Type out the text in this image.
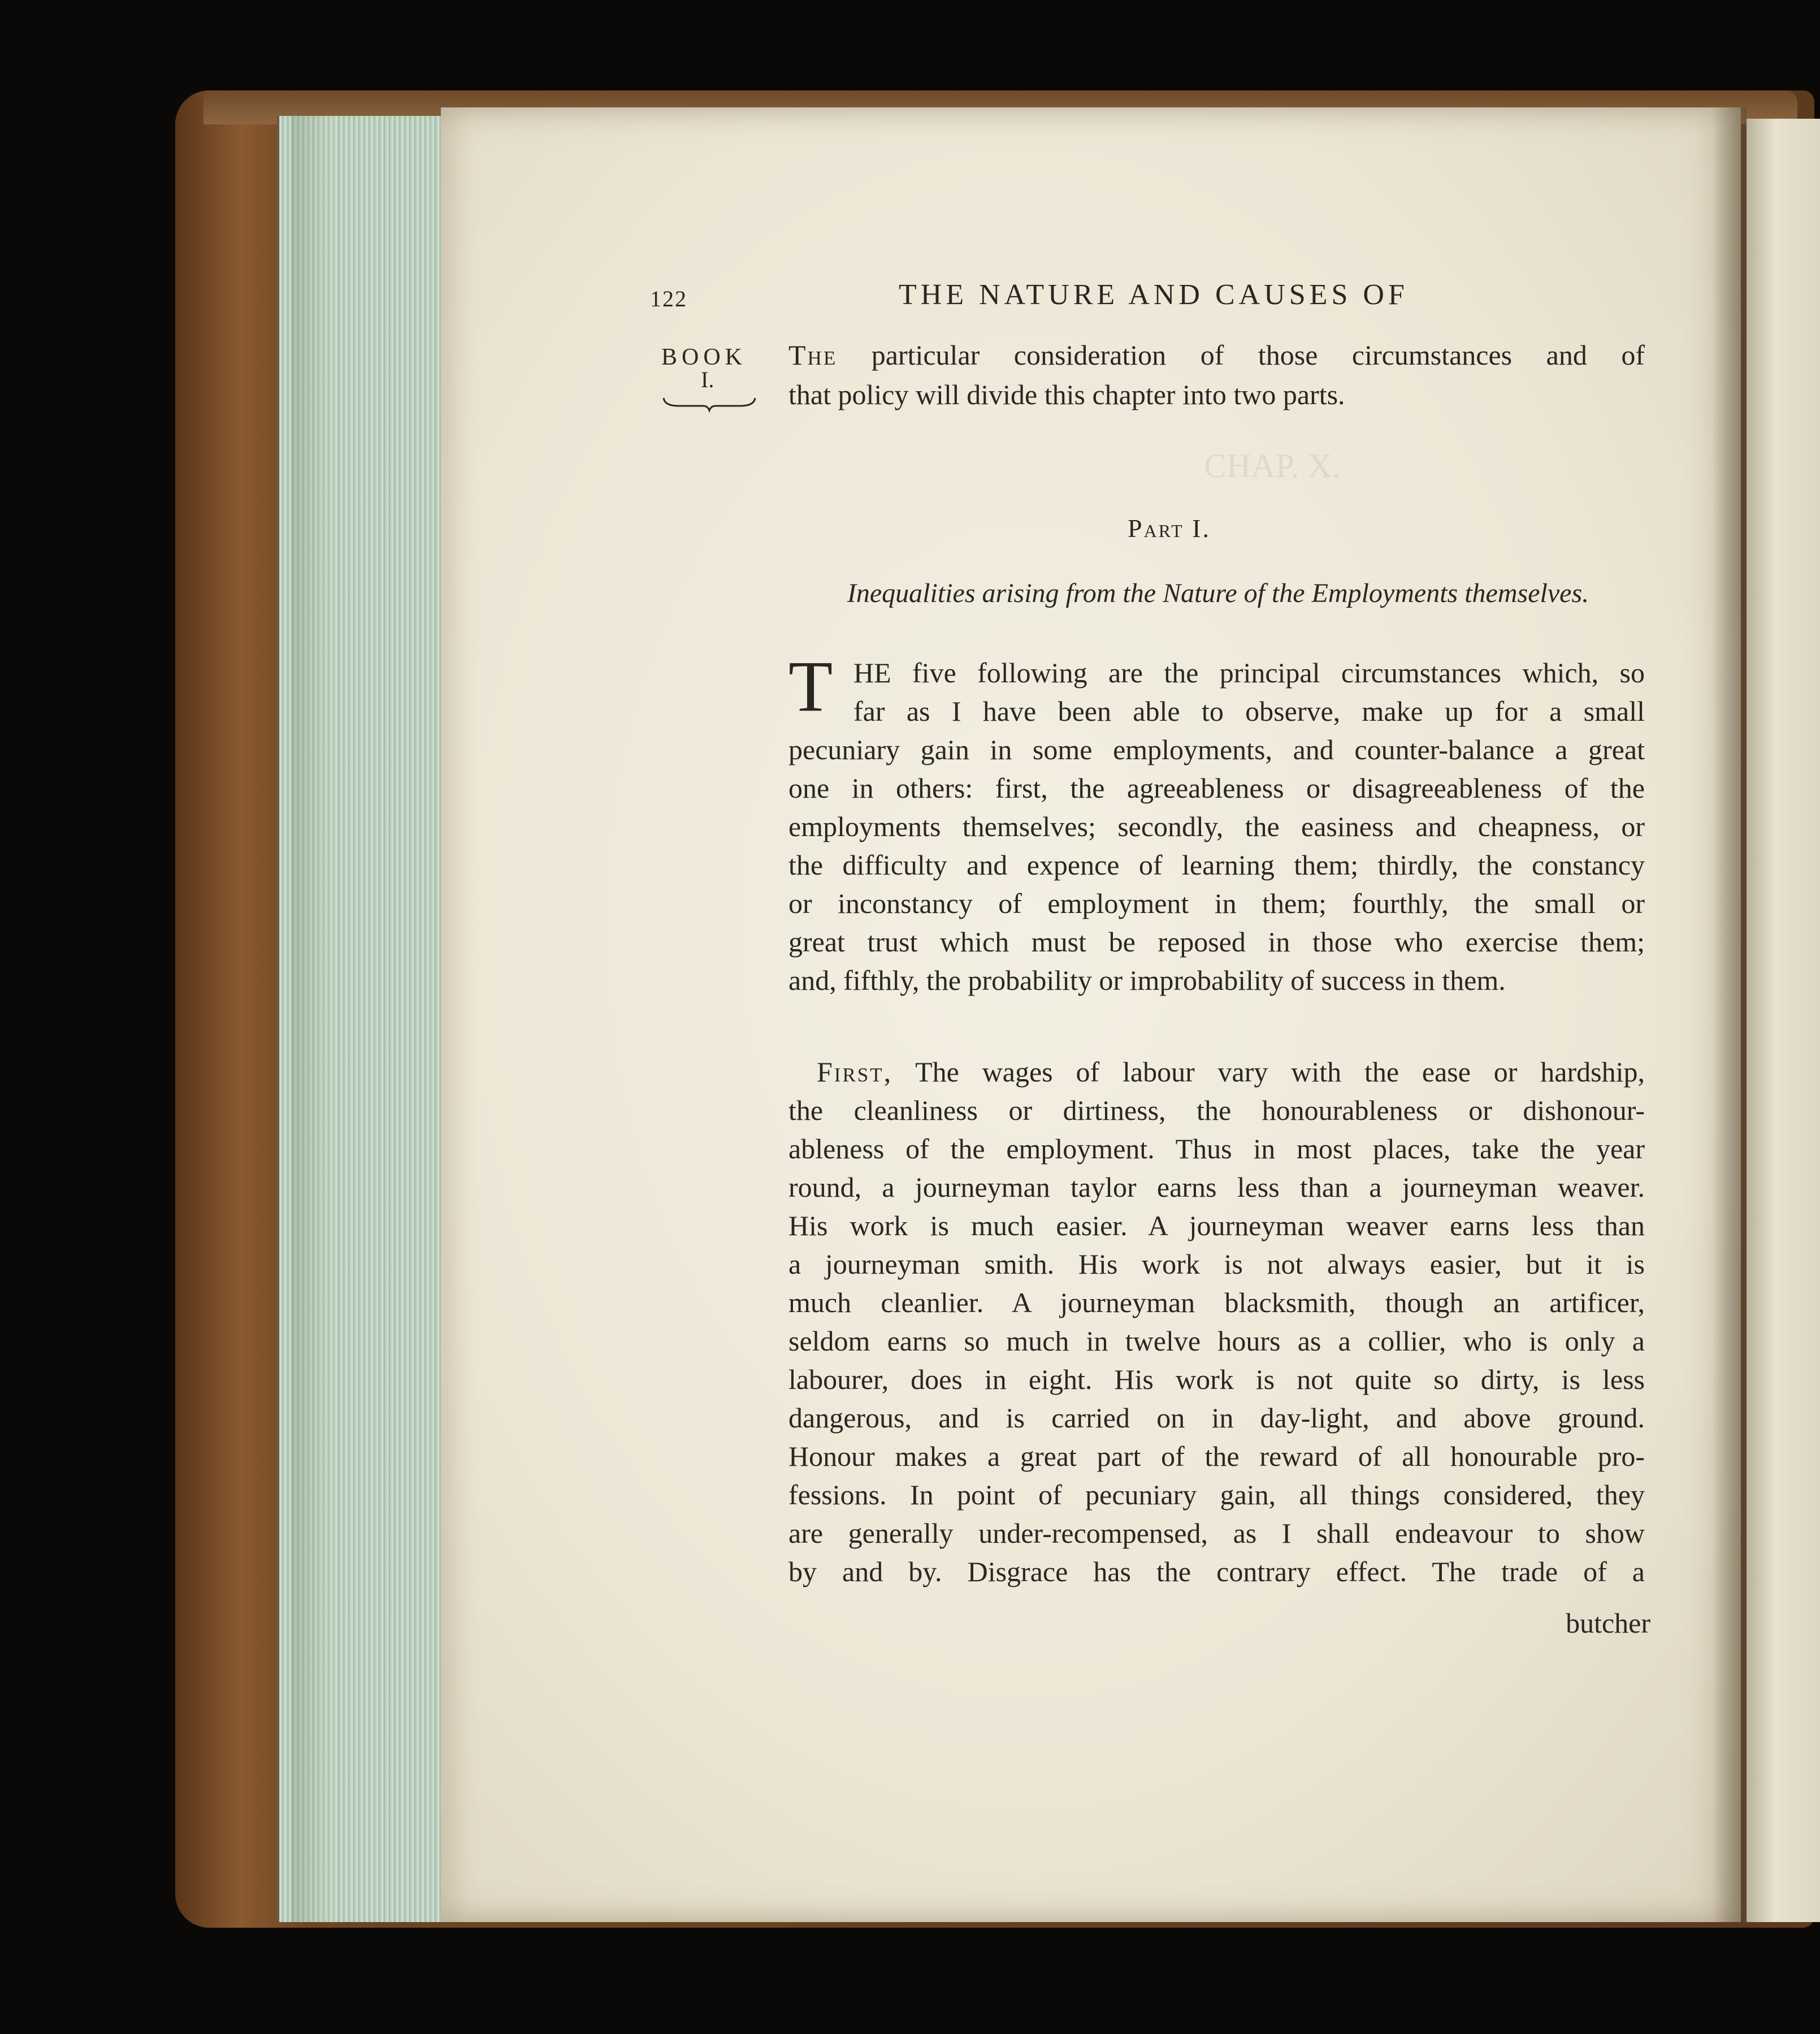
CHAP. X.
122	THE NATURE AND CAUSES OF
BOOK
I.
The particular consideration of those circumstances and of
that policy will divide this chapter into two parts.
Part I.
Inequalities arising from the Nature of the Employments themselves.
T HE five following are the principal circumstances which, so
far as I have been able to observe, make up for a small
pecuniary gain in some employments, and counter-balance a great
one in others: first, the agreeableness or disagreeableness of the
employments themselves; secondly, the easiness and cheapness, or
the difficulty and expence of learning them; thirdly, the constancy
or inconstancy of employment in them; fourthly, the small or
great trust which must be reposed in those who exercise them;
and, fifthly, the probability or improbability of success in them.
First, The wages of labour vary with the ease or hardship,
the cleanliness or dirtiness, the honourableness or dishonour-
ableness of the employment. Thus in most places, take the year
round, a journeyman taylor earns less than a journeyman weaver.
His work is much easier. A journeyman weaver earns less than
a journeyman smith. His work is not always easier, but it is
much cleanlier. A journeyman blacksmith, though an artificer,
seldom earns so much in twelve hours as a collier, who is only a
labourer, does in eight. His work is not quite so dirty, is less
dangerous, and is carried on in day-light, and above ground.
Honour makes a great part of the reward of all honourable pro-
fessions. In point of pecuniary gain, all things considered, they
are generally under-recompensed, as I shall endeavour to show
by and by. Disgrace has the contrary effect. The trade of a
butcher
